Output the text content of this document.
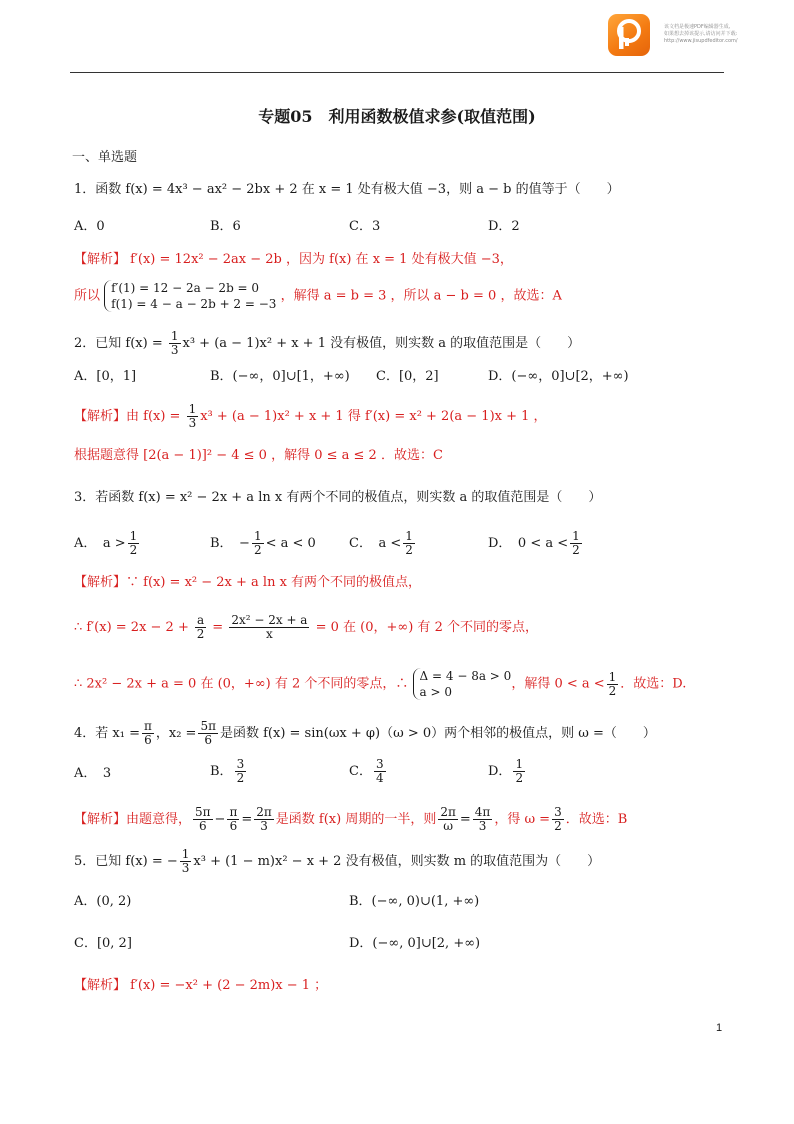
该文档是极速PDF编辑器生成,
如果想去掉该提示,请访问并下载:
http://www.jisupdfeditor.com/
专题05　利用函数极值求参(取值范围)
一、单选题
1．函数 f(x) = 4x³ − ax² − 2bx + 2 在 x = 1 处有极大值 −3，则 a − b 的值等于（　　）
A．0	B．6	C．3	D．2
【解析】 f′(x) = 12x² − 2ax − 2b ，因为 f(x) 在 x = 1 处有极大值 −3，
所以
f′(1) = 12 − 2a − 2b = 0
f(1) = 4 − a − 2b + 2 = −3
，解得 a = b = 3 ，所以 a − b = 0 ，故选：A
2．已知 $f(x) = \frac{1}{3} x^3 + (a - 1)x^2 + x + 1$ 没有极值，则实数 a 的取值范围是（　　）
A．[0，1]	B．(−∞，0]∪[1，+∞) C．[0，2]	D．(−∞，0]∪[2，+∞)
【解析】由 $f(x) = \frac{1}{3} x^3 + (a - 1)x^2 + x + 1$ 得 f′(x) = x² + 2(a − 1)x + 1 ，
根据题意得 [2(a − 1)]² − 4 ≤ 0 ，解得 0 ≤ a ≤ 2 ．故选：C
3．若函数 f(x) = x² − 2x + a ln x 有两个不同的极值点，则实数 a 的取值范围是（　　）
A．　$a > \frac{1}{2}$	B．　− $\frac{1}{2} < a < 0$	C．　$a < \frac{1}{2}$	D．　$0 < a < \frac{1}{2}$
【解析】∵ f(x) = x² − 2x + a ln x 有两个不同的极值点，
∴ $f'(x) = 2x - 2 + \frac{a}{2} = \frac{\text{2x² − 2x + a}}{x} = 0$ 在 (0，+∞) 有 2 个不同的零点，
∴ 2x² − 2x + a = 0 在 (0，+∞) 有 2 个不同的零点，∴
Δ = 4 − 8a > 0
a > 0
，解得 $0 < a < \frac{1}{2}$ ．故选：D.
4．若 $x_1 = \frac{\pi}{6}$ ，$x_2 = \frac{5\pi}{6}$ 是函数 f(x) = sin(ωx + φ)（ω > 0）两个相邻的极值点，则 ω =（　　）
A．　3	B． $\frac{3}{2}$	C． $\frac{3}{4}$	D． $\frac{1}{2}$
【解析】由题意得， $\frac{5\pi}{6} - \frac{\pi}{6} = \frac{2\pi}{3}$ 是函数 f(x) 周期的一半，则 $\frac{2\pi}{\omega} = \frac{4\pi}{3}$ ，得 $\omega = \frac{3}{2}$ ．故选：B
5．已知 f(x) = − $\frac{1}{3} x^3 + (1 - m)x^2 - x + 2$ 没有极值，则实数 m 的取值范围为（　　）
A．(0, 2)	B．(−∞, 0)∪(1, +∞)
C．[0, 2]	D．(−∞, 0]∪[2, +∞)
【解析】 f′(x) = −x² + (2 − 2m)x − 1 ；
1
